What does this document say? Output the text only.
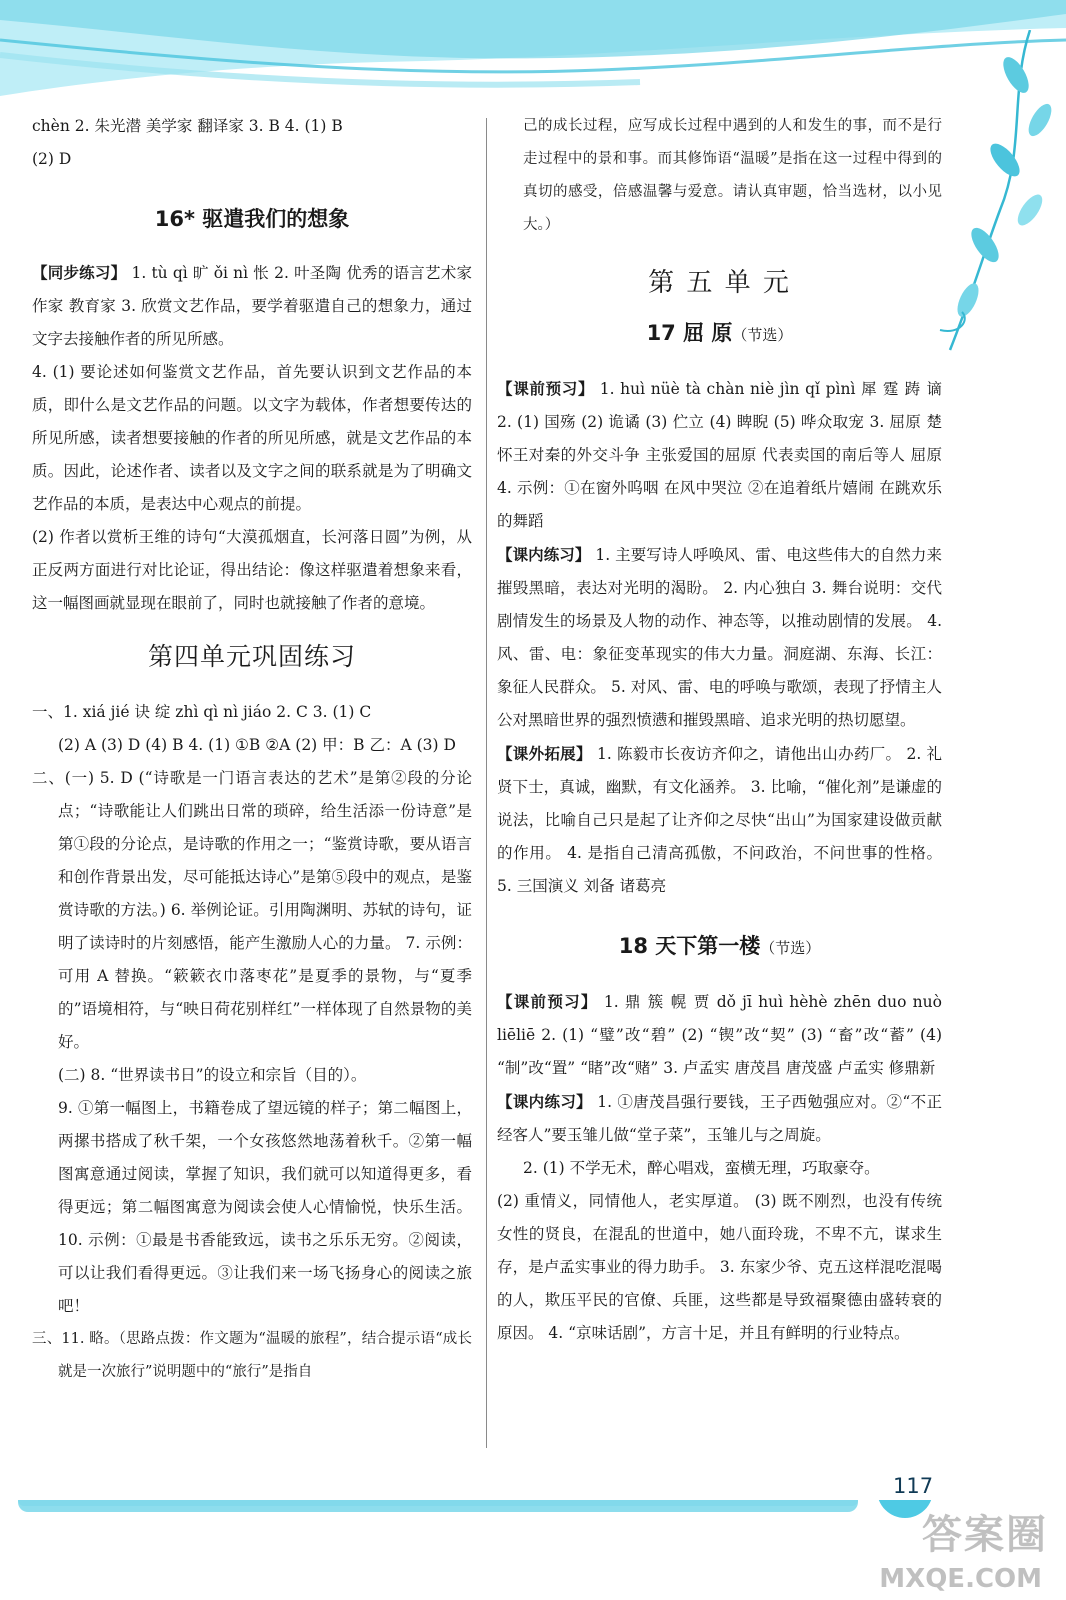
chèn 2. 朱光潜 美学家 翻译家 3. B 4. (1) B

(2) D

16* 驱遣我们的想象

【同步练习】 1. tù qì 旷 ǒi nì 怅 2. 叶圣陶 优秀的语言艺术家 作家 教育家 3. 欣赏文艺作品，要学着驱遣自己的想象力，通过文字去接触作者的所见所感。

4. (1) 要论述如何鉴赏文艺作品，首先要认识到文艺作品的本质，即什么是文艺作品的问题。以文字为载体，作者想要传达的所见所感，读者想要接触的作者的所见所感，就是文艺作品的本质。因此，论述作者、读者以及文字之间的联系就是为了明确文艺作品的本质，是表达中心观点的前提。

(2) 作者以赏析王维的诗句“大漠孤烟直，长河落日圆”为例，从正反两方面进行对比论证，得出结论：像这样驱遣着想象来看，这一幅图画就显现在眼前了，同时也就接触了作者的意境。

第四单元巩固练习

一、1. xiá jié 诀 绽 zhì qì nì jiáo 2. C 3. (1) C

(2) A (3) D (4) B 4. (1) ①B ②A (2) 甲：B 乙：A (3) D

二、(一) 5. D (“诗歌是一门语言表达的艺术”是第②段的分论点；“诗歌能让人们跳出日常的琐碎，给生活添一份诗意”是第①段的分论点，是诗歌的作用之一；“鉴赏诗歌，要从语言和创作背景出发，尽可能抵达诗心”是第⑤段中的观点，是鉴赏诗歌的方法。) 6. 举例论证。引用陶渊明、苏轼的诗句，证明了读诗时的片刻感悟，能产生激励人心的力量。 7. 示例：可用 A 替换。“簌簌衣巾落枣花”是夏季的景物，与“夏季的”语境相符，与“映日荷花别样红”一样体现了自然景物的美好。

(二) 8. “世界读书日”的设立和宗旨（目的）。

9. ①第一幅图上，书籍卷成了望远镜的样子；第二幅图上，两摞书搭成了秋千架，一个女孩悠然地荡着秋千。②第一幅图寓意通过阅读，掌握了知识，我们就可以知道得更多，看得更远；第二幅图寓意为阅读会使人心情愉悦，快乐生活。 10. 示例：①最是书香能致远，读书之乐乐无穷。②阅读，可以让我们看得更远。③让我们来一场飞扬身心的阅读之旅吧！

三、11. 略。（思路点拨：作文题为“温暖的旅程”，结合提示语“成长就是一次旅行”说明题中的“旅行”是指自

己的成长过程，应写成长过程中遇到的人和发生的事，而不是行走过程中的景和事。而其修饰语“温暖”是指在这一过程中得到的真切的感受，倍感温馨与爱意。请认真审题，恰当选材，以小见大。）

第 五 单 元
17 屈 原（节选）

【课前预习】 1. huì nüè tà chàn niè jìn qǐ pìnì 犀 霆 踌 谪 2. (1) 国殇 (2) 诡谲 (3) 伫立 (4) 睥睨 (5) 哗众取宠 3. 屈原 楚怀王对秦的外交斗争 主张爱国的屈原 代表卖国的南后等人 屈原 4. 示例：①在窗外呜咽 在风中哭泣 ②在追着纸片嬉闹 在跳欢乐的舞蹈

【课内练习】 1. 主要写诗人呼唤风、雷、电这些伟大的自然力来摧毁黑暗，表达对光明的渴盼。 2. 内心独白 3. 舞台说明：交代剧情发生的场景及人物的动作、神态等，以推动剧情的发展。 4. 风、雷、电：象征变革现实的伟大力量。洞庭湖、东海、长江：象征人民群众。 5. 对风、雷、电的呼唤与歌颂，表现了抒情主人公对黑暗世界的强烈愤懑和摧毁黑暗、追求光明的热切愿望。

【课外拓展】 1. 陈毅市长夜访齐仰之，请他出山办药厂。 2. 礼贤下士，真诚，幽默，有文化涵养。 3. 比喻，“催化剂”是谦虚的说法，比喻自己只是起了让齐仰之尽快“出山”为国家建设做贡献的作用。 4. 是指自己清高孤傲，不问政治，不问世事的性格。 5. 三国演义 刘备 诸葛亮

18 天下第一楼（节选）

【课前预习】 1. 鼎 簇 幌 贾 dǒ jī huì hèhè zhēn duo nuò liēliē 2. (1) “璧”改“碧” (2) “锲”改“契” (3) “畜”改“蓄” (4) “制”改“置” “睹”改“赌” 3. 卢孟实 唐茂昌 唐茂盛 卢孟实 修鼎新

【课内练习】 1. ①唐茂昌强行要钱，王子西勉强应对。②“不正经客人”要玉雏儿做“堂子菜”，玉雏儿与之周旋。

2. (1) 不学无术，醉心唱戏，蛮横无理，巧取豪夺。

(2) 重情义，同情他人，老实厚道。 (3) 既不刚烈，也没有传统女性的贤良，在混乱的世道中，她八面玲珑，不卑不亢，谋求生存，是卢孟实事业的得力助手。 3. 东家少爷、克五这样混吃混喝的人，欺压平民的官僚、兵匪，这些都是导致福聚德由盛转衰的原因。 4. “京味话剧”，方言十足，并且有鲜明的行业特点。

117
答案圈
MXQE.COM
